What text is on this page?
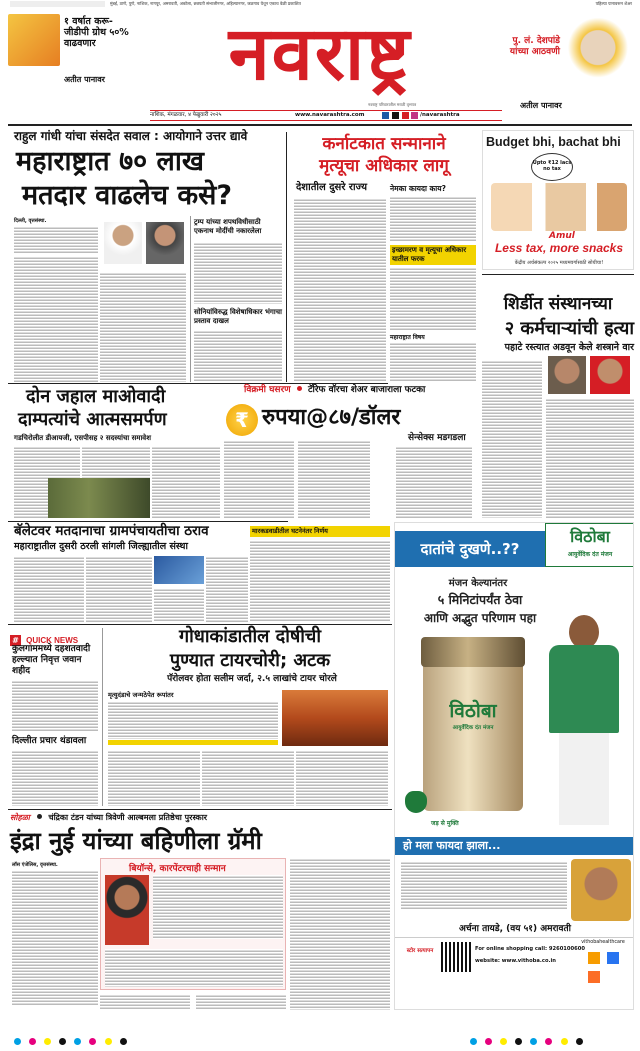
मुंबई, ठाणे, पुणे, नाशिक, नागपूर, अमरावती, अकोला, छत्रपती संभाजीनगर, अहिल्यानगर, जळगाव येथून एकाच वेळी प्रकाशित	पहिल्या पानावरून शेअर
१ वर्षात करू- जीडीपी ग्रोथ ५०% वाढवणार
अतीत पानावर	नवराष्ट्र
नवराष्ट्र परिवारातील मराठी वृत्तपत्र
पु. लं. देशपांडे यांच्या आठवणी
अतील पानावर
नाशिक, मंगळवार, ४ फेब्रुवारी २०२५	www.navarashtra.com
	/navarashtra
राहुल गांधी यांचा संसदेत सवाल : आयोगाने उत्तर द्यावे
महाराष्ट्रात ७० लाख
मतदार वाढलेच कसे?
दिल्ली, वृत्तसंस्था.	ट्रम्प यांच्या शपथविधीसाठी एकनाथ मोदींची नकारलेला
सोनियांविरुद्ध विशेषाधिकार भंगाचा प्रस्ताव दाखल
कर्नाटकात सन्मानाने
मृत्यूचा अधिकार लागू
देशातील दुसरे राज्य	नेमका कायदा काय?
इच्छामरण व मृत्यूचा अधिकार यातील फरक
महाराष्ट्रात विषय
Budget bhi, bachat bhi
Upto ₹12 lacs no tax
Amul
Less tax, more snacks
केंद्रीय अर्थसंकल्प २०२५ मध्यमवर्गासाठी सोयीचा!
शिर्डीत संस्थानच्या
२ कर्मचाऱ्यांची हत्या
पहाटे रस्त्यात अडवून केले शस्त्राने वार
दोन जहाल माओवादी
दाम्पत्यांचे आत्मसमर्पण
गडचिरोलीत डीआयजी, एसपीसह २ सदस्यांचा समावेश
विक्रमी घसरण टॅरिफ वॉरचा शेअर बाजाराला फटका
₹ रुपया@८७/डॉलर
सेन्सेक्स मडगडला
बॅलेटवर मतदानाचा ग्रामपंचायतीचा ठराव
महाराष्ट्रातील दुसरी ठरली सांगली जिल्ह्यातील संस्था
मारकडवाडीतील घटनेनंतर निर्णय
# QUICK NEWS
कुलगाममध्ये दहशतवादी हल्ल्यात निवृत्त जवान शहीद
दिल्लीत प्रचार थंडावला
गोधाकांडातील दोषीची
पुण्यात टायरचोरी; अटक
पॅरोलवर होता सलीम जर्दा, २.५ लाखांचे टायर चोरले
मृत्युदंडाचे जन्मठेपेत रूपांतर
दातांचे दुखणे..??
विठोबा
आयुर्वेदिक दंत मंजन
मंजन केल्यानंतर
५ मिनिटांपर्यंत ठेवा
आणि अद्भुत परिणाम पहा
विठोबा
आयुर्वेदिक दंत मंजन
जड़ से मुक्ति
हो मला फायदा झाला...
अर्चना तायडे, (वय ५१) अमरावती
स्टोर सत्यापन	For online shopping call: 9260100600
website: www.vithoba.co.in
vithobahealthcare

सोहळा चंद्रिका टंडन यांच्या त्रिवेणी आल्बमला प्रतिष्ठेचा पुरस्कार
इंद्रा नुई यांच्या बहिणीला ग्रॅमी
लॉस एंजेलिस, वृत्तसंस्था.	बियॉन्से, कारपेंटरचाही सन्मान
